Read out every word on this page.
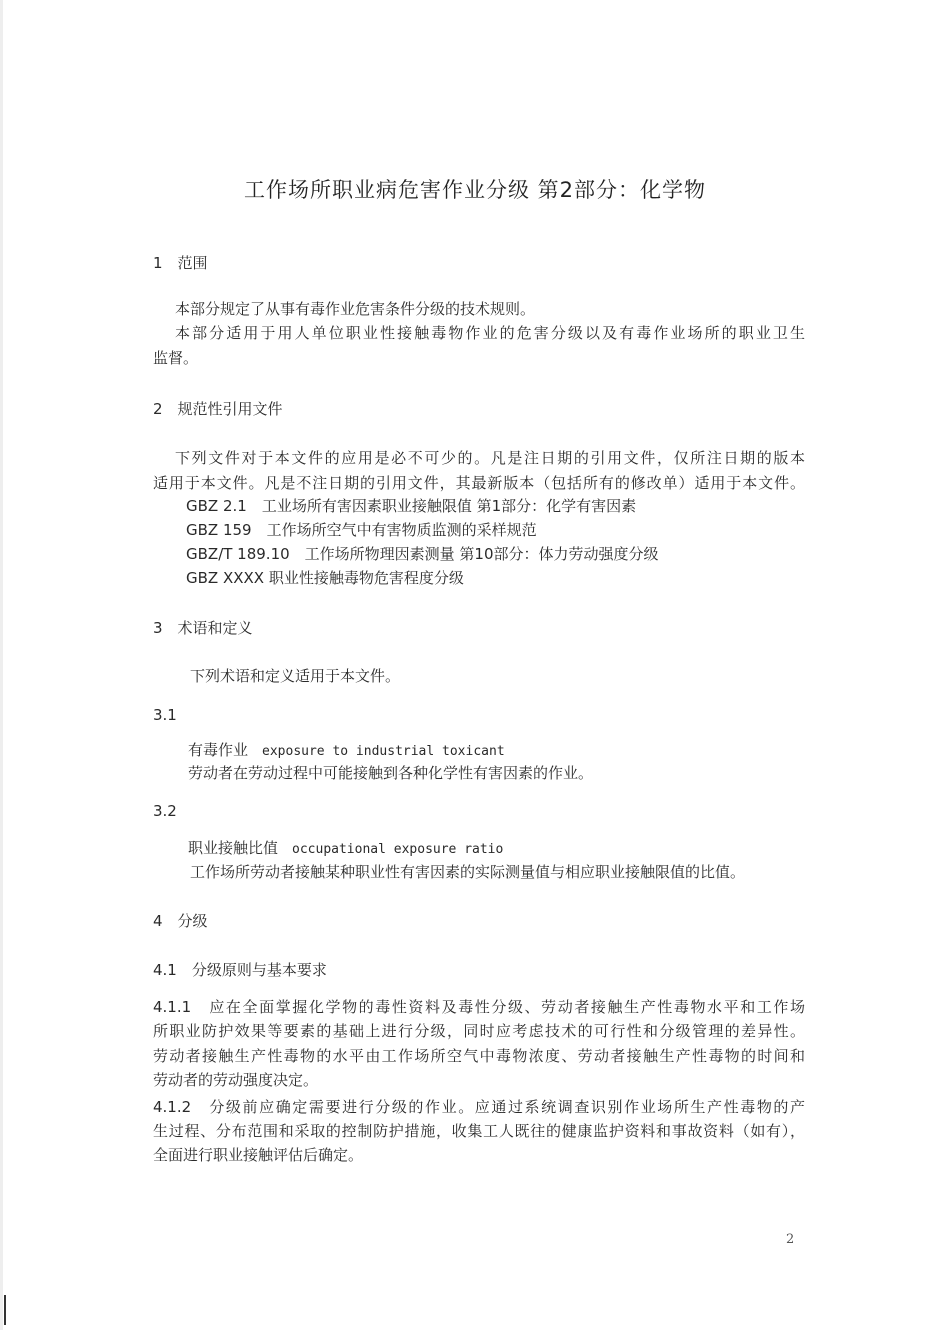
工作场所职业病危害作业分级 第2部分：化学物
1　范围
本部分规定了从事有毒作业危害条件分级的技术规则。
本部分适用于用人单位职业性接触毒物作业的危害分级以及有毒作业场所的职业卫生
监督。
2　规范性引用文件
下列文件对于本文件的应用是必不可少的。凡是注日期的引用文件，仅所注日期的版本
适用于本文件。凡是不注日期的引用文件，其最新版本（包括所有的修改单）适用于本文件。
GBZ 2.1　工业场所有害因素职业接触限值 第1部分：化学有害因素
GBZ 159　工作场所空气中有害物质监测的采样规范
GBZ/T 189.10　工作场所物理因素测量 第10部分：体力劳动强度分级
GBZ XXXX 职业性接触毒物危害程度分级
3　术语和定义
下列术语和定义适用于本文件。
3.1
有毒作业 exposure to industrial toxicant
劳动者在劳动过程中可能接触到各种化学性有害因素的作业。
3.2
职业接触比值 occupational exposure ratio
工作场所劳动者接触某种职业性有害因素的实际测量值与相应职业接触限值的比值。
4　分级
4.1　分级原则与基本要求
4.1.1　应在全面掌握化学物的毒性资料及毒性分级、劳动者接触生产性毒物水平和工作场
所职业防护效果等要素的基础上进行分级，同时应考虑技术的可行性和分级管理的差异性。
劳动者接触生产性毒物的水平由工作场所空气中毒物浓度、劳动者接触生产性毒物的时间和
劳动者的劳动强度决定。
4.1.2　分级前应确定需要进行分级的作业。应通过系统调查识别作业场所生产性毒物的产
生过程、分布范围和采取的控制防护措施，收集工人既往的健康监护资料和事故资料（如有），
全面进行职业接触评估后确定。
2
